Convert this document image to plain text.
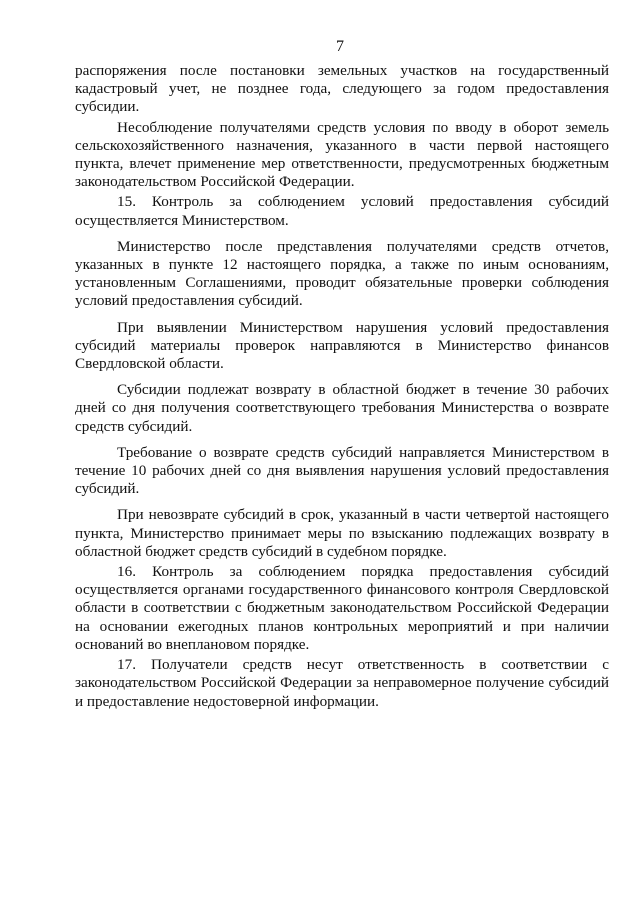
7

распоряжения после постановки земельных участков на государственный кадастровый учет, не позднее года, следующего за годом предоставления субсидии.

Несоблюдение получателями средств условия по вводу в оборот земель сельскохозяйственного назначения, указанного в части первой настоящего пункта, влечет применение мер ответственности, предусмотренных бюджетным законодательством Российской Федерации.

15. Контроль за соблюдением условий предоставления субсидий осуществляется Министерством.

Министерство после представления получателями средств отчетов, указанных в пункте 12 настоящего порядка, а также по иным основаниям, установленным Соглашениями, проводит обязательные проверки соблюдения условий предоставления субсидий.

При выявлении Министерством нарушения условий предоставления субсидий материалы проверок направляются в Министерство финансов Свердловской области.

Субсидии подлежат возврату в областной бюджет в течение 30 рабочих дней со дня получения соответствующего требования Министерства о возврате средств субсидий.

Требование о возврате средств субсидий направляется Министерством в течение 10 рабочих дней со дня выявления нарушения условий предоставления субсидий.

При невозврате субсидий в срок, указанный в части четвертой настоящего пункта, Министерство принимает меры по взысканию подлежащих возврату в областной бюджет средств субсидий в судебном порядке.

16. Контроль за соблюдением порядка предоставления субсидий осуществляется органами государственного финансового контроля Свердловской области в соответствии с бюджетным законодательством Российской Федерации на основании ежегодных планов контрольных мероприятий и при наличии оснований во внеплановом порядке.

17. Получатели средств несут ответственность в соответствии с законодательством Российской Федерации за неправомерное получение субсидий и предоставление недостоверной информации.
